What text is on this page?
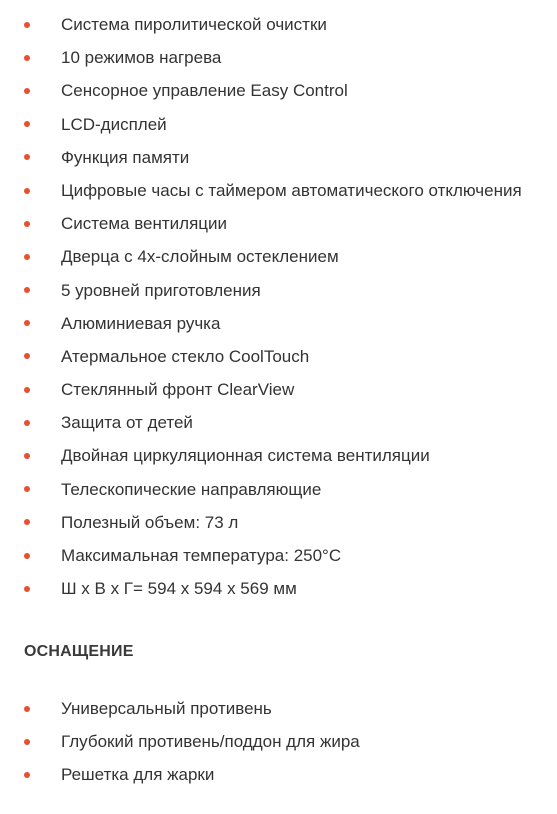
Система пиролитической очистки
10 режимов нагрева
Сенсорное управление Easy Control
LCD-дисплей
Функция памяти
Цифровые часы с таймером автоматического отключения
Система вентиляции
Дверца с 4х-слойным остеклением
5 уровней приготовления
Алюминиевая ручка
Атермальное стекло CoolTouch
Стеклянный фронт ClearView
Защита от детей
Двойная циркуляционная система вентиляции
Телескопические направляющие
Полезный объем: 73 л
Максимальная температура: 250°C
Ш х В х Г= 594 х 594 х 569 мм
ОСНАЩЕНИЕ
Универсальный противень
Глубокий противень/поддон для жира
Решетка для жарки
